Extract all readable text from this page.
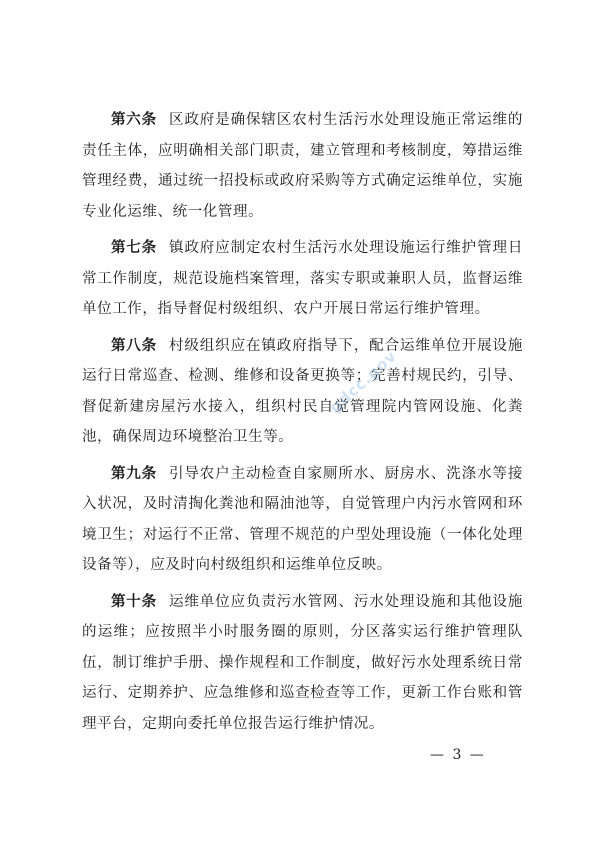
第六条 区政府是确保辖区农村生活污水处理设施正常运维的责任主体，应明确相关部门职责，建立管理和考核制度，筹措运维管理经费，通过统一招投标或政府采购等方式确定运维单位，实施专业化运维、统一化管理。

第七条 镇政府应制定农村生活污水处理设施运行维护管理日常工作制度，规范设施档案管理，落实专职或兼职人员，监督运维单位工作，指导督促村级组织、农户开展日常运行维护管理。

第八条 村级组织应在镇政府指导下，配合运维单位开展设施运行日常巡查、检测、维修和设备更换等；完善村规民约，引导、督促新建房屋污水接入，组织村民自觉管理院内管网设施、化粪池，确保周边环境整治卫生等。

第九条 引导农户主动检查自家厕所水、厨房水、洗涤水等接入状况，及时清掏化粪池和隔油池等，自觉管理户内污水管网和环境卫生；对运行不正常、管理不规范的户型处理设施（一体化处理设备等），应及时向村级组织和运维单位反映。

第十条 运维单位应负责污水管网、污水处理设施和其他设施的运维；应按照半小时服务圈的原则，分区落实运行维护管理队伍，制订维护手册、操作规程和工作制度，做好污水处理系统日常运行、定期养护、应急维修和巡查检查等工作，更新工作台账和管理平台，定期向委托单位报告运行维护情况。

gdcc.gov
— 3 —
